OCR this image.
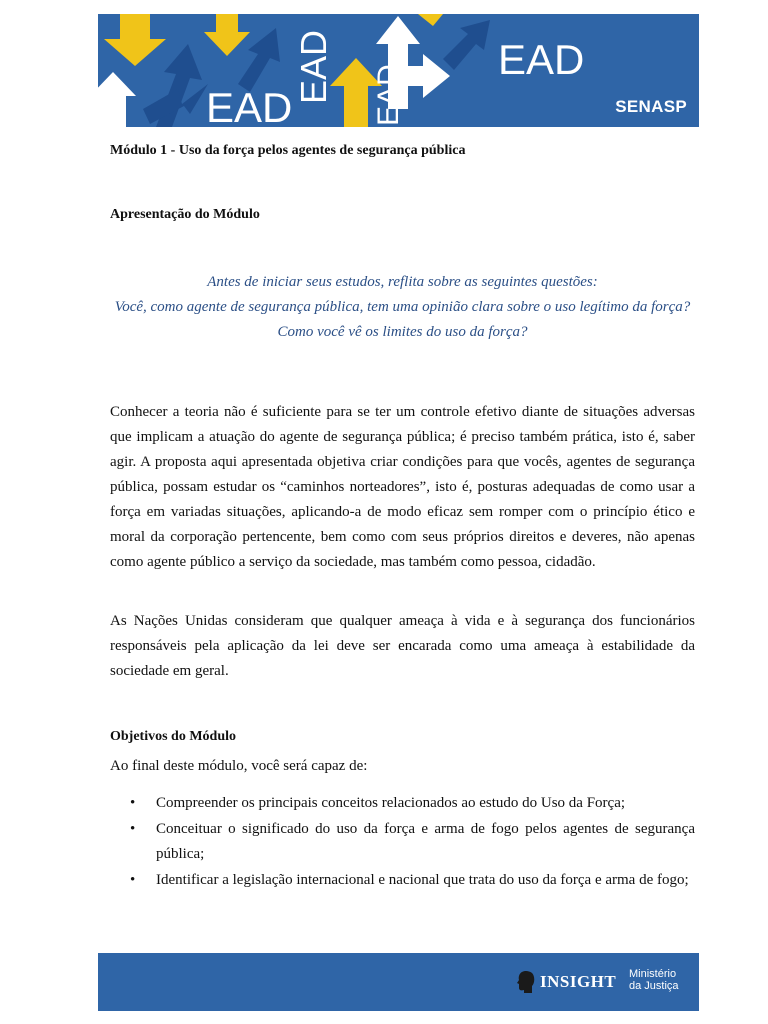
EAD
EAD EAD
EAD
SENASP
Módulo 1 - Uso da força pelos agentes de segurança pública
Apresentação do Módulo
Antes de iniciar seus estudos, reflita sobre as seguintes questões:
Você, como agente de segurança pública, tem uma opinião clara sobre o uso legítimo da força?
Como você vê os limites do uso da força?

Conhecer a teoria não é suficiente para se ter um controle efetivo diante de situações adversas que implicam a atuação do agente de segurança pública; é preciso também prática, isto é, saber agir. A proposta aqui apresentada objetiva criar condições para que vocês, agentes de segurança pública, possam estudar os “caminhos norteadores”, isto é, posturas adequadas de como usar a força em variadas situações, aplicando-a de modo eficaz sem romper com o princípio ético e moral da corporação pertencente, bem como com seus próprios direitos e deveres, não apenas como agente público a serviço da sociedade, mas também como pessoa, cidadão.

As Nações Unidas consideram que qualquer ameaça à vida e à segurança dos funcionários responsáveis pela aplicação da lei deve ser encarada como uma ameaça à estabilidade da sociedade em geral.

Objetivos do Módulo
Ao final deste módulo, você será capaz de:
• Compreender os principais conceitos relacionados ao estudo do Uso da Força;
• Conceituar o significado do uso da força e arma de fogo pelos agentes de segurança pública;
• Identificar a legislação internacional e nacional que trata do uso da força e arma de fogo;
INSIGHT Ministério
da Justiça
